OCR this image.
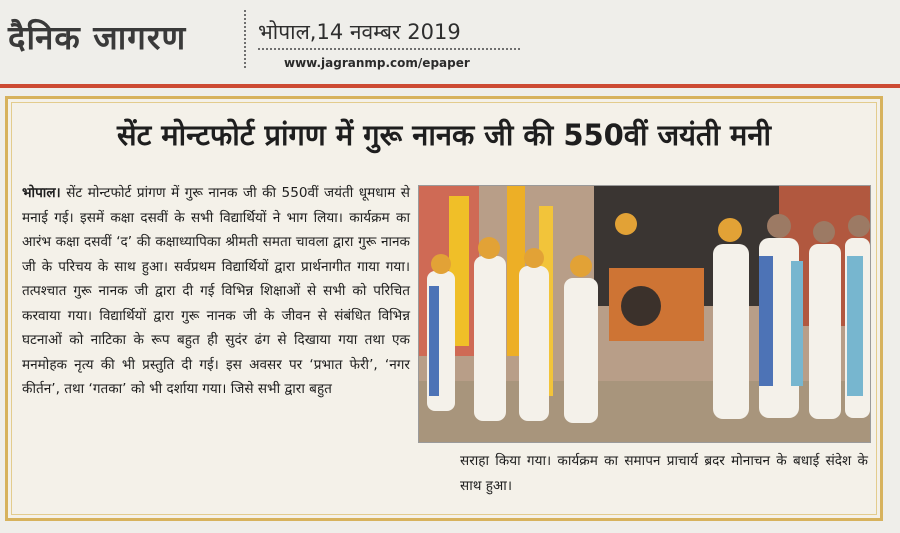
दैनिक जागरण	भोपाल,14 नवम्बर 2019
www.jagranmp.com/epaper
सेंट मोन्टफोर्ट प्रांगण में गुरू नानक जी की 550वीं जयंती मनी
भोपाल। सेंट मोन्टफोर्ट प्रांगण में गुरू नानक जी की 550वीं जयंती धूमधाम से मनाई गई। इसमें कक्षा दसवीं के सभी विद्यार्थियों ने भाग लिया। कार्यक्रम का आरंभ कक्षा दसवीं ‘द’ की कक्षाध्यापिका श्रीमती समता चावला द्वारा गुरू नानक जी के परिचय के साथ हुआ। सर्वप्रथम विद्यार्थियों द्वारा प्रार्थनागीत गाया गया। तत्पश्चात गुरू नानक जी द्वारा दी गई विभिन्न शिक्षाओं से सभी को परिचित करवाया गया। विद्यार्थियों द्वारा गुरू नानक जी के जीवन से संबंधित विभिन्न घटनाओं को नाटिका के रूप बहुत ही सुदंर ढंग से दिखाया गया तथा एक मनमोहक नृत्य की भी प्रस्तुति दी गई। इस अवसर पर ‘प्रभात फेरी’, ‘नगर कीर्तन’, तथा ‘गतका’ को भी दर्शाया गया। जिसे सभी द्वारा बहुत
सराहा किया गया। कार्यक्रम का समापन प्राचार्य ब्रदर मोनाचन के बधाई संदेश के साथ हुआ।
